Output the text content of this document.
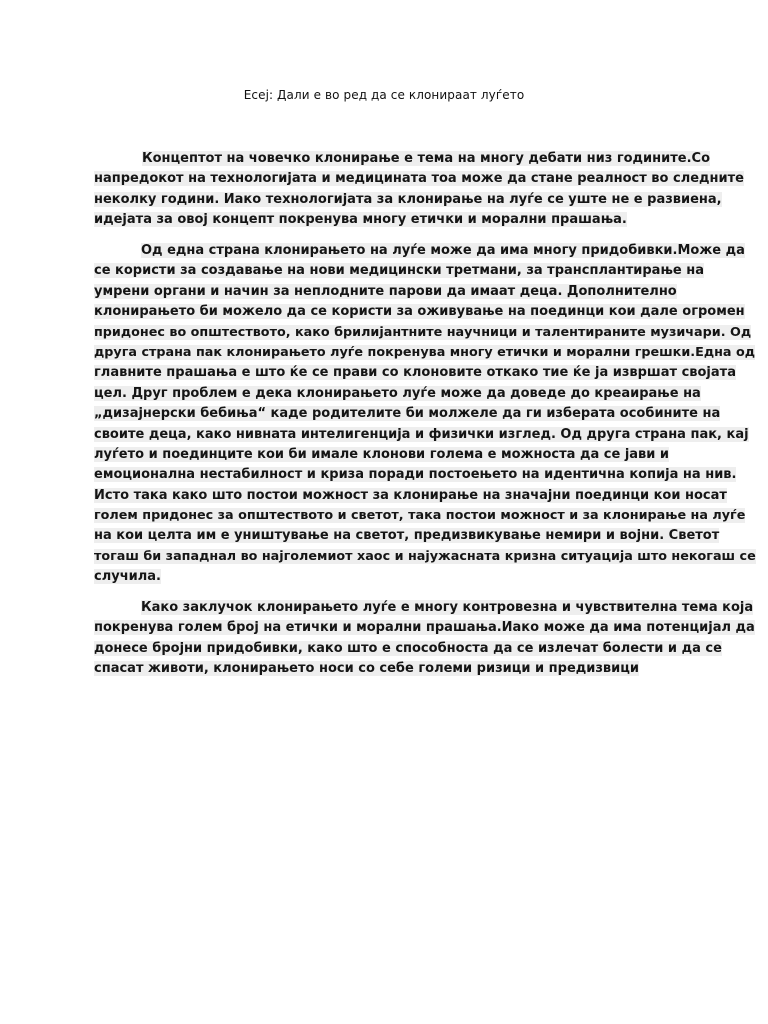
Есеј: Дали е во ред да се клонираат луѓето
Концептот на човечко клонирање е тема на многу дебати низ годините.Со
напредокот на технологијата и медицината тоа може да стане реалност во следните
неколку години. Иако технологијата за клонирање на луѓе се уште не е развиена,
идејата за овој концепт покренува многу етички и морални прашања.
Од една страна клонирањето на луѓе може да има многу придобивки.Може да
се користи за создавање на нови медицински третмани, за трансплантирање на
умрени органи и начин за неплодните парови да имаат деца. Дополнително
клонирањето би можело да се користи за оживување на поединци кои дале огромен
придонес во општеството, како брилијантните научници и талентираните музичари. Од
друга страна пак клонирањето луѓе покренува многу етички и морални грешки.Една од
главните прашања е што ќе се прави со клоновите откако тие ќе ја извршат својата
цел. Друг проблем е дека клонирањето луѓе може да доведе до креаирање на
„дизајнерски бебиња“ каде родителите би молжеле да ги изберата особините на
своите деца, како нивната интелигенција и физички изглед. Од друга страна пак, кај
луѓето и поединците кои би имале клонови голема е можноста да се јави и
емоционална нестабилност и криза поради постоењето на идентична копија на нив.
Исто така како што постои можност за клонирање на значајни поединци кои носат
голем придонес за општеството и светот, така постои можност и за клонирање на луѓе
на кои целта им е уништување на светот, предизвикување немири и војни. Светот
тогаш би западнал во најголемиот хаос и најужасната кризна ситуација што некогаш се
случила.
Како заклучок клонирањето луѓе е многу контровезна и чувствителна тема која
покренува голем број на етички и морални прашања.Иако може да има потенцијал да
донесе бројни придобивки, како што е способноста да се излечат болести и да се
спасат животи, клонирањето носи со себе големи ризици и предизвици
